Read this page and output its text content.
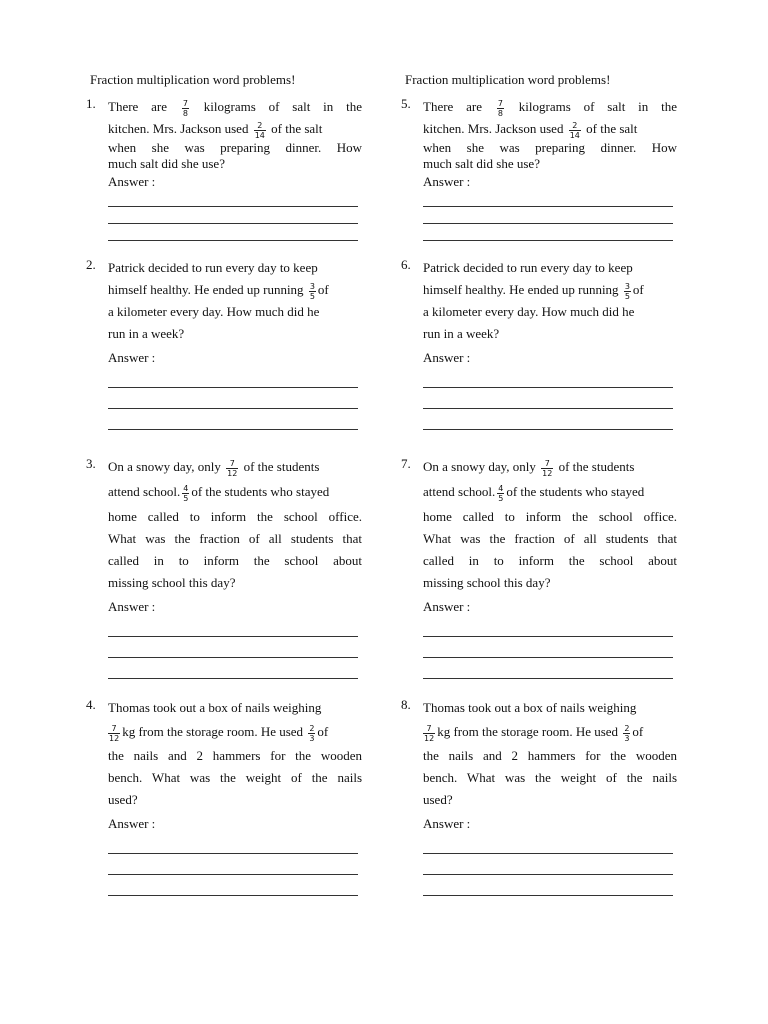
Fraction multiplication word problems!
1. There are $\frac{7}{8}$ kilograms of salt in the
kitchen. Mrs. Jackson used $\frac{2}{14}$ of the salt
when she was preparing dinner. How
much salt did she use?
Answer :
2. Patrick decided to run every day to keep
himself healthy. He ended up running $\frac{3}{5}$ of
a kilometer every day. How much did he
run in a week?
Answer :
3. On a snowy day, only $\frac{7}{12}$ of the students
attend school. $\frac{4}{5}$ of the students who stayed
home called to inform the school office.
What was the fraction of all students that
called in to inform the school about
missing school this day?
Answer :
4. Thomas took out a box of nails weighing
$\frac{7}{12}$ kg from the storage room. He used $\frac{2}{3}$ of
the nails and 2 hammers for the wooden
bench. What was the weight of the nails
used?
Answer :
Fraction multiplication word problems!
5. There are $\frac{7}{8}$ kilograms of salt in the
kitchen. Mrs. Jackson used $\frac{2}{14}$ of the salt
when she was preparing dinner. How
much salt did she use?
Answer :
6. Patrick decided to run every day to keep
himself healthy. He ended up running $\frac{3}{5}$ of
a kilometer every day. How much did he
run in a week?
Answer :
7. On a snowy day, only $\frac{7}{12}$ of the students
attend school. $\frac{4}{5}$ of the students who stayed
home called to inform the school office.
What was the fraction of all students that
called in to inform the school about
missing school this day?
Answer :
8. Thomas took out a box of nails weighing
$\frac{7}{12}$ kg from the storage room. He used $\frac{2}{3}$ of
the nails and 2 hammers for the wooden
bench. What was the weight of the nails
used?
Answer :
